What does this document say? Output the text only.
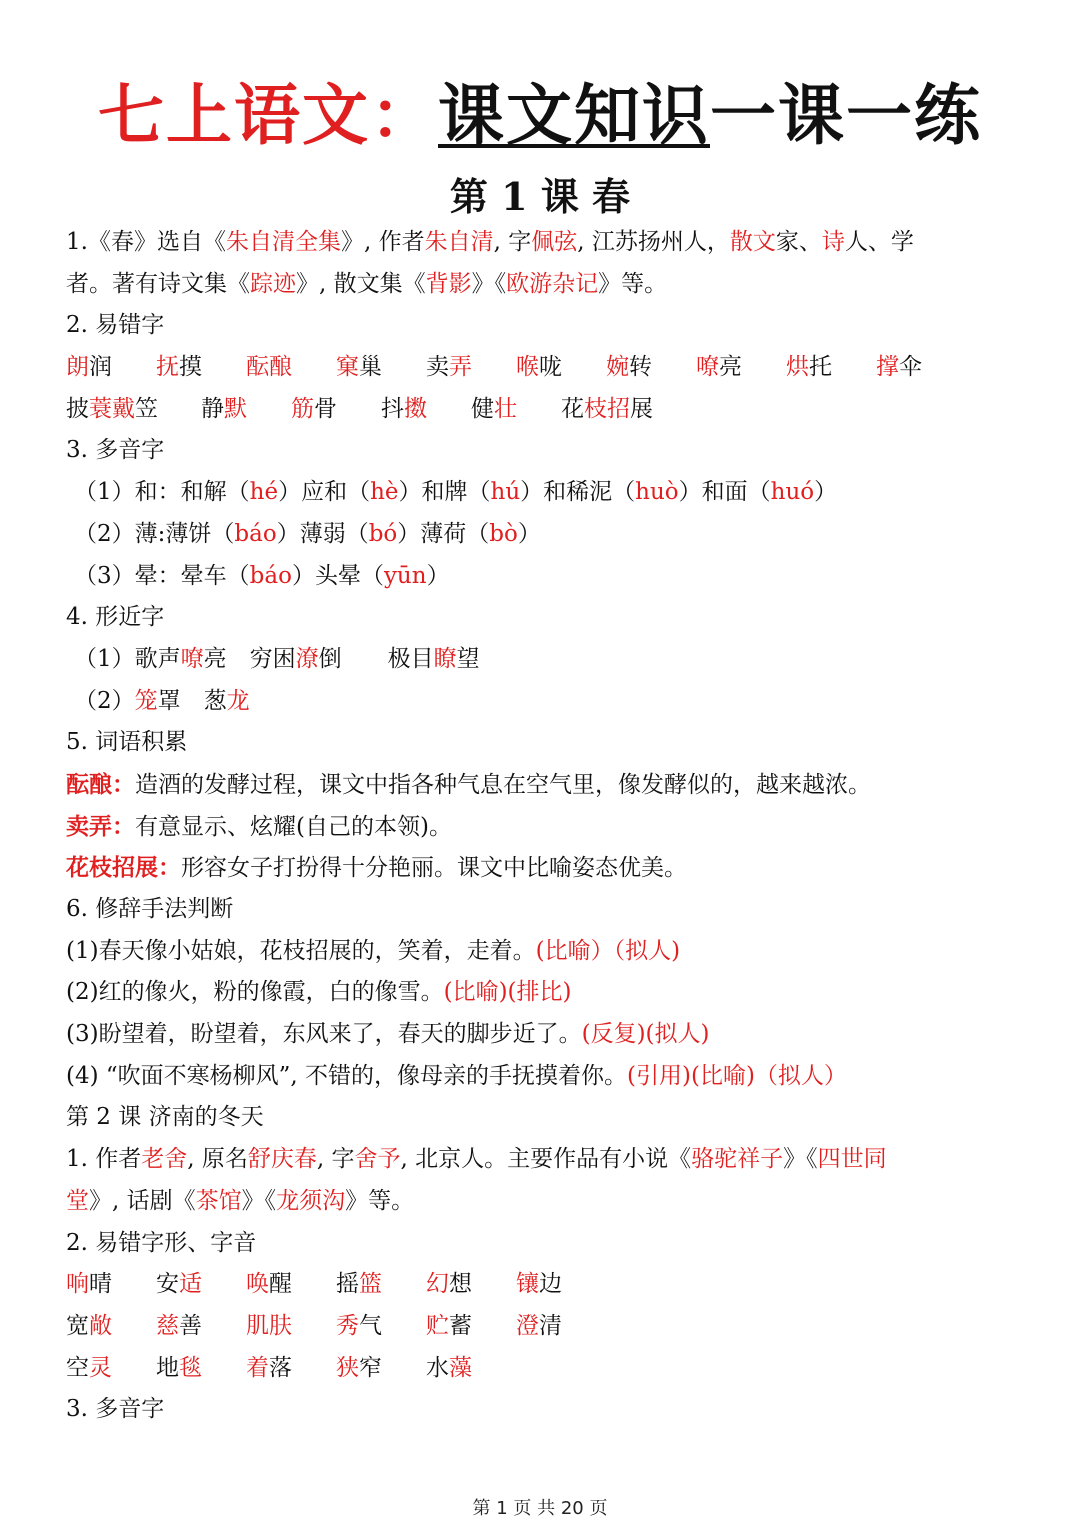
七上语文：课文知识一课一练
第 1 课 春
1.《春》选自《朱自清全集》, 作者朱自清, 字佩弦, 江苏扬州人，散文家、诗人、学
者。著有诗文集《踪迹》, 散文集《背影》《欧游杂记》等。
2. 易错字
朗润 抚摸 酝酿 窠巢 卖弄 喉咙 婉转 嘹亮 烘托 撑伞
披蓑戴笠 静默 筋骨 抖擞 健壮 花枝招展
3. 多音字
（1）和：和解（hé）应和（hè）和牌（hú）和稀泥（huò）和面（huó）
（2）薄:薄饼（báo）薄弱（bó）薄荷（bò）
（3）晕：晕车（báo）头晕（yūn）
4. 形近字
（1）歌声嘹亮　穷困潦倒　　极目瞭望
（2）笼罩　葱龙
5. 词语积累
酝酿：造酒的发酵过程，课文中指各种气息在空气里，像发酵似的，越来越浓。
卖弄：有意显示、炫耀(自己的本领)。
花枝招展：形容女子打扮得十分艳丽。课文中比喻姿态优美。
6. 修辞手法判断
(1)春天像小姑娘，花枝招展的，笑着，走着。(比喻）（拟人)
(2)红的像火，粉的像霞，白的像雪。(比喻)(排比)
(3)盼望着，盼望着，东风来了，春天的脚步近了。(反复)(拟人)
(4) “吹面不寒杨柳风”, 不错的，像母亲的手抚摸着你。(引用)(比喻)（拟人）
第 2 课 济南的冬天
1. 作者老舍, 原名舒庆春, 字舍予, 北京人。主要作品有小说《骆驼祥子》《四世同
堂》, 话剧《茶馆》《龙须沟》等。
2. 易错字形、字音
响晴 安适 唤醒 摇篮 幻想 镶边
宽敞 慈善 肌肤 秀气 贮蓄 澄清
空灵 地毯 着落 狭窄 水藻
3. 多音字
第 1 页 共 20 页
